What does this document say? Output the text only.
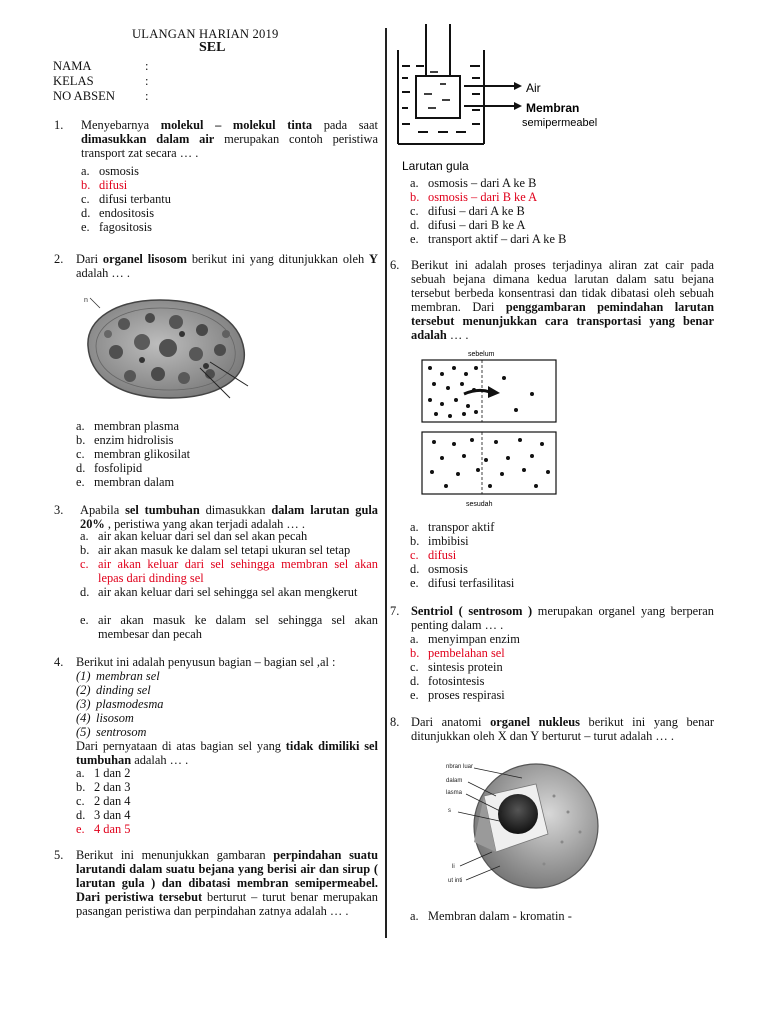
ULANGAN HARIAN 2019
SEL
NAMA	:
KELAS	:
NO ABSEN :
1. Menyebarnya molekul – molekul tinta pada saat dimasukkan dalam air merupakan contoh peristiwa transport zat secara … .
a. osmosis
b. difusi
c. difusi terbantu
d. endositosis
e. fagositosis
2. Dari organel lisosom berikut ini yang ditunjukkan oleh Y adalah … .
n
a. membran plasma
b. enzim hidrolisis
c. membran glikosilat
d. fosfolipid
e. membran dalam
3. Apabila sel tumbuhan dimasukkan dalam larutan gula 20% , peristiwa yang akan terjadi adalah … .
a. air akan keluar dari sel dan sel akan pecah
b. air akan masuk ke dalam sel tetapi ukuran sel tetap
c. air akan keluar dari sel sehingga membran sel akan lepas dari dinding sel
d. air akan keluar dari sel sehingga sel akan mengkerut
e. air akan masuk ke dalam sel sehingga sel akan membesar dan pecah
4. Berikut ini adalah penyusun bagian – bagian sel ,al :
(1) membran sel
(2) dinding sel
(3) plasmodesma
(4) lisosom
(5) sentrosom
Dari pernyataan di atas bagian sel yang tidak dimiliki sel tumbuhan adalah … .
a. 1 dan 2
b. 2 dan 3
c. 2 dan 4
d. 3 dan 4
e. 4 dan 5
5. Berikut ini menunjukkan gambaran perpindahan suatu larutandi dalam suatu bejana yang berisi air dan sirup ( larutan gula ) dan dibatasi membran semipermeabel. Dari peristiwa tersebut berturut – turut benar merupakan pasangan peristiwa dan perpindahan zatnya adalah … .
Air
Membran
semipermeabel
Larutan gula
a. osmosis – dari A ke B
b. osmosis – dari B ke A
c. difusi – dari A ke B
d. difusi – dari B ke A
e. transport aktif – dari A ke B
6. Berikut ini adalah proses terjadinya aliran zat cair pada sebuah bejana dimana kedua larutan dalam satu bejana tersebut berbeda konsentrasi dan tidak dibatasi oleh sebuah membran. Dari penggambaran pemindahan larutan tersebut menunjukkan cara transportasi yang benar adalah … .
sebelum
sesudah
a. transpor aktif
b. imbibisi
c. difusi
d. osmosis
e. difusi terfasilitasi
7. Sentriol ( sentrosom ) merupakan organel yang berperan penting dalam … .
a. menyimpan enzim
b. pembelahan sel
c. sintesis protein
d. fotosintesis
e. proses respirasi
8. Dari anatomi organel nukleus berikut ini yang benar ditunjukkan oleh X dan Y berturut – turut adalah … .
nbran luar
dalam
lasma
s
li
ut inti
a. Membran dalam - kromatin -
